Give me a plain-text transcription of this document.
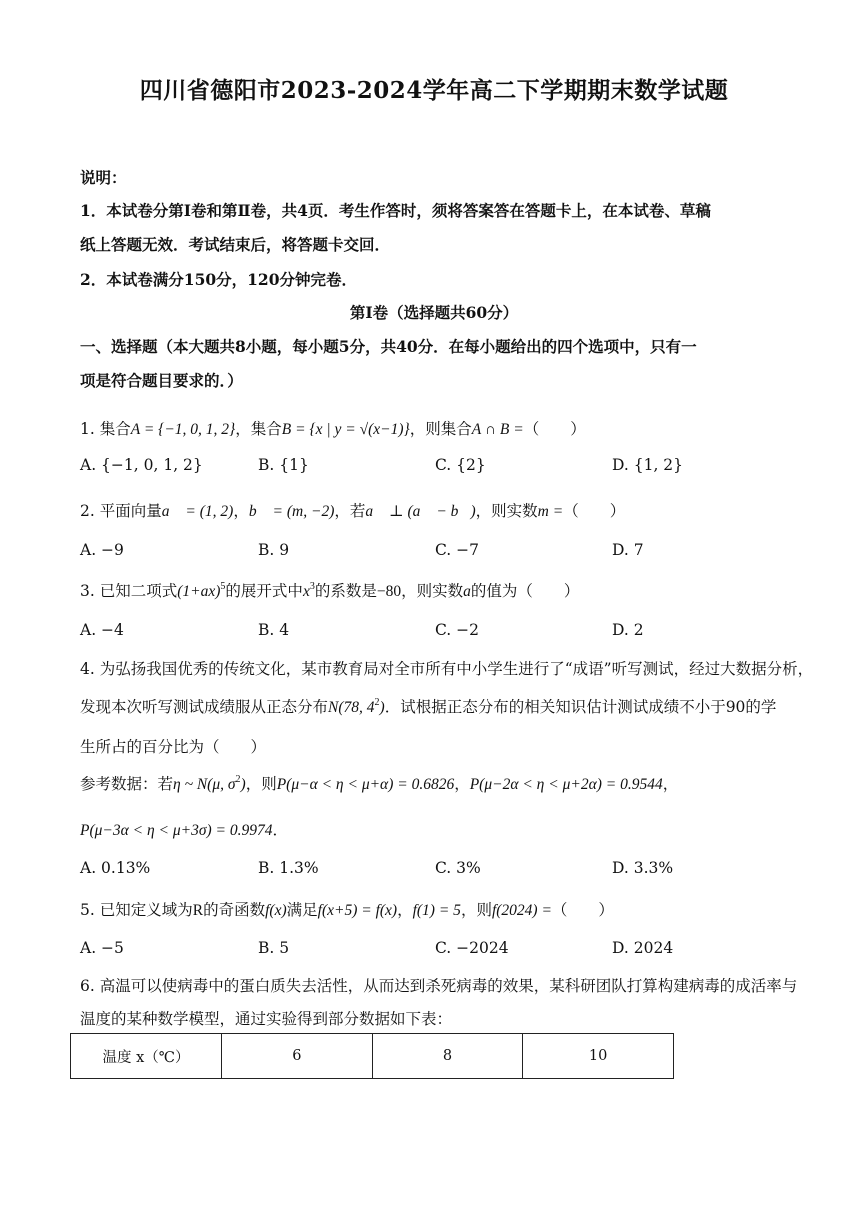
四川省德阳市2023-2024学年高二下学期期末数学试题
说明：
1．本试卷分第Ⅰ卷和第Ⅱ卷，共4页．考生作答时，须将答案答在答题卡上，在本试卷、草稿
纸上答题无效．考试结束后，将答题卡交回．
2．本试卷满分150分，120分钟完卷．
第Ⅰ卷（选择题共60分）
一、选择题（本大题共8小题，每小题5分，共40分．在每小题给出的四个选项中，只有一
项是符合题目要求的．）
1. 集合A = {−1, 0, 1, 2}，集合B = {x | y = √(x−1)}，则集合A ∩ B =（　　）
A. {−1, 0, 1, 2}	B. {1}	C. {2}	D. {1, 2}
2. 平面向量a⃗ = (1, 2)，b⃗ = (m, −2)，若a⃗ ⊥ (a⃗ − b⃗)，则实数m =（　　）
A. −9	B. 9	C. −7	D. 7
3. 已知二项式$(1+ax)^5$的展开式中$x^3$的系数是−80，则实数a的值为（　　）
A. −4	B. 4	C. −2	D. 2
4. 为弘扬我国优秀的传统文化，某市教育局对全市所有中小学生进行了“成语”听写测试，经过大数据分析，
发现本次听写测试成绩服从正态分布N(78, $4^2$)．试根据正态分布的相关知识估计测试成绩不小于90的学
生所占的百分比为（　　）
参考数据：若η ~ N(μ, $\sigma^2$)，则P(μ−α < η < μ+α) = 0.6826，P(μ−2α < η < μ+2α) = 0.9544，
P(μ−3α < η < μ+3σ) = 0.9974．
A. 0.13%	B. 1.3%	C. 3%	D. 3.3%
5. 已知定义域为R的奇函数f(x)满足f(x+5) = f(x)，f(1) = 5，则f(2024) =（　　）
A. −5	B. 5	C. −2024	D. 2024
6. 高温可以使病毒中的蛋白质失去活性，从而达到杀死病毒的效果，某科研团队打算构建病毒的成活率与
温度的某种数学模型，通过实验得到部分数据如下表：
温度 x（℃）	6	8	10
